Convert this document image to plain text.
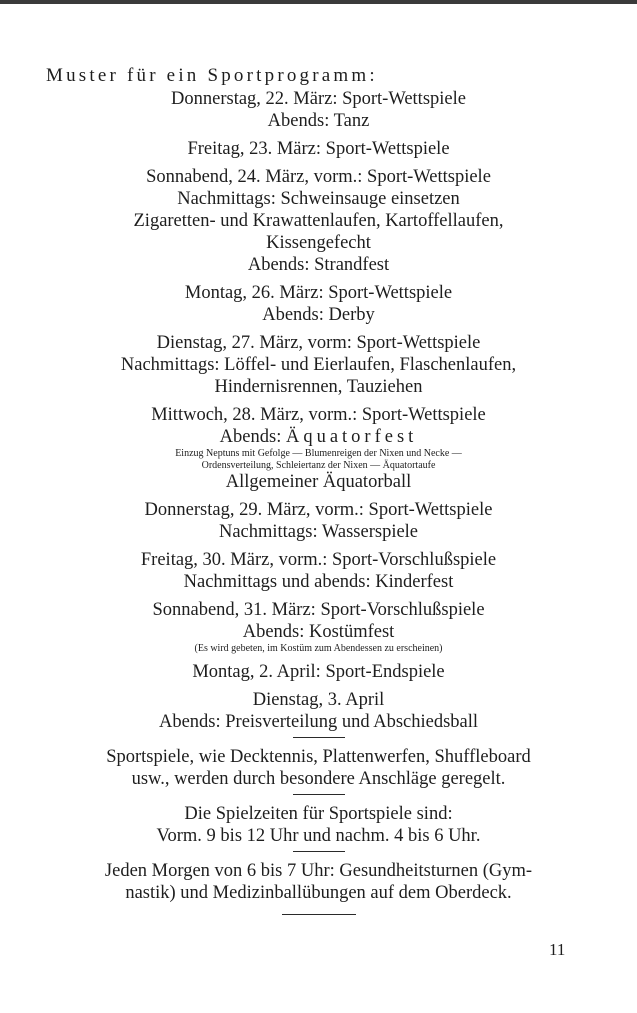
Muster für ein Sportprogramm:
Donnerstag, 22. März: Sport-Wettspiele
Abends: Tanz
Freitag, 23. März: Sport-Wettspiele
Sonnabend, 24. März, vorm.: Sport-Wettspiele
Nachmittags: Schweinsauge einsetzen
Zigaretten- und Krawattenlaufen, Kartoffellaufen,
Kissengefecht
Abends: Strandfest
Montag, 26. März: Sport-Wettspiele
Abends: Derby
Dienstag, 27. März, vorm: Sport-Wettspiele
Nachmittags: Löffel- und Eierlaufen, Flaschenlaufen,
Hindernisrennen, Tauziehen
Mittwoch, 28. März, vorm.: Sport-Wettspiele
Abends: Äquatorfest
Einzug Neptuns mit Gefolge — Blumenreigen der Nixen und Necke —
Ordensverteilung, Schleiertanz der Nixen — Äquatortaufe
Allgemeiner Äquatorball
Donnerstag, 29. März, vorm.: Sport-Wettspiele
Nachmittags: Wasserspiele
Freitag, 30. März, vorm.: Sport-Vorschlußspiele
Nachmittags und abends: Kinderfest
Sonnabend, 31. März: Sport-Vorschlußspiele
Abends: Kostümfest
(Es wird gebeten, im Kostüm zum Abendessen zu erscheinen)
Montag, 2. April: Sport-Endspiele
Dienstag, 3. April
Abends: Preisverteilung und Abschiedsball
Sportspiele, wie Decktennis, Plattenwerfen, Shuffleboard
usw., werden durch besondere Anschläge geregelt.
Die Spielzeiten für Sportspiele sind:
Vorm. 9 bis 12 Uhr und nachm. 4 bis 6 Uhr.
Jeden Morgen von 6 bis 7 Uhr: Gesundheitsturnen (Gym-
nastik) und Medizinballübungen auf dem Oberdeck.
11
